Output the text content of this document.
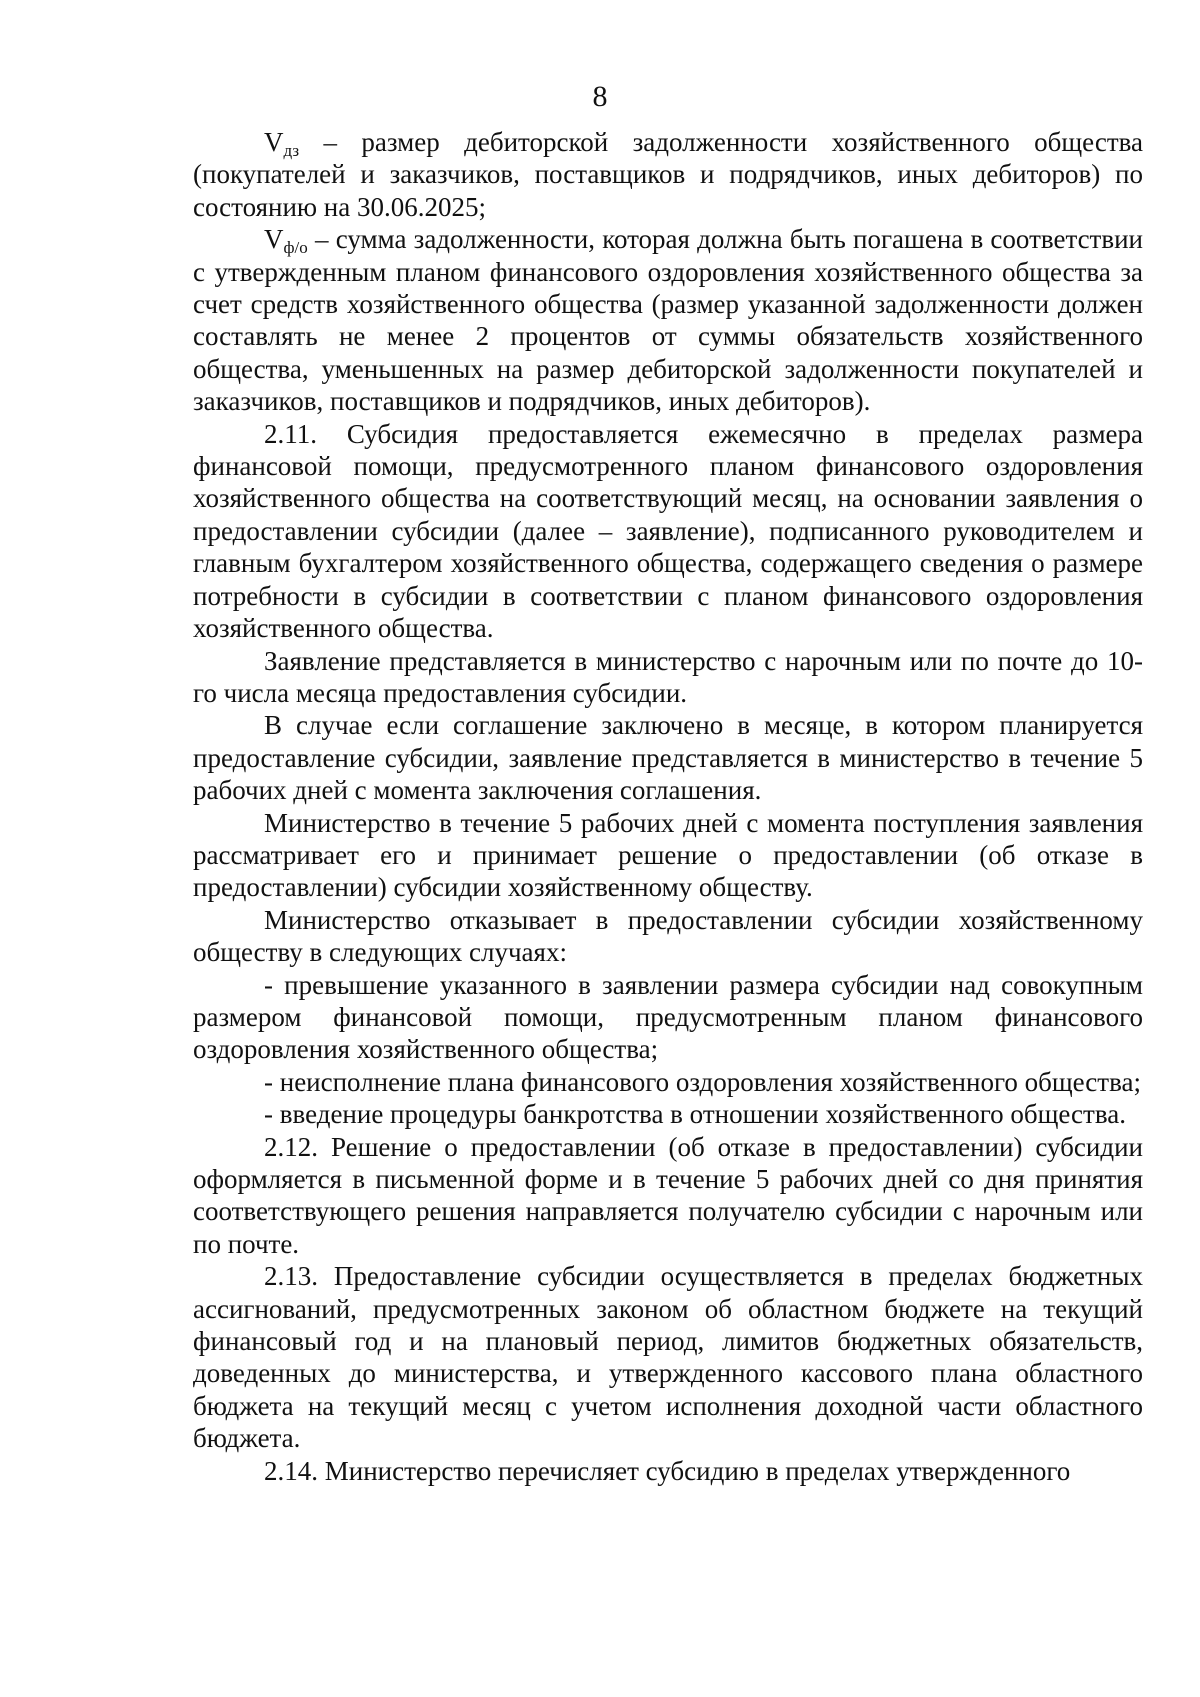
8

$V_{дз}$ – размер дебиторской задолженности хозяйственного общества (покупателей и заказчиков, поставщиков и подрядчиков, иных дебиторов) по состоянию на 30.06.2025;

$V_{ф/о}$ – сумма задолженности, которая должна быть погашена в соответствии с утвержденным планом финансового оздоровления хозяйственного общества за счет средств хозяйственного общества (размер указанной задолженности должен составлять не менее 2 процентов от суммы обязательств хозяйственного общества, уменьшенных на размер дебиторской задолженности покупателей и заказчиков, поставщиков и подрядчиков, иных дебиторов).

2.11. Субсидия предоставляется ежемесячно в пределах размера финансовой помощи, предусмотренного планом финансового оздоровления хозяйственного общества на соответствующий месяц, на основании заявления о предоставлении субсидии (далее – заявление), подписанного руководителем и главным бухгалтером хозяйственного общества, содержащего сведения о размере потребности в субсидии в соответствии с планом финансового оздоровления хозяйственного общества.

Заявление представляется в министерство с нарочным или по почте до 10-го числа месяца предоставления субсидии.

В случае если соглашение заключено в месяце, в котором планируется предоставление субсидии, заявление представляется в министерство в течение 5 рабочих дней с момента заключения соглашения.

Министерство в течение 5 рабочих дней с момента поступления заявления рассматривает его и принимает решение о предоставлении (об отказе в предоставлении) субсидии хозяйственному обществу.

Министерство отказывает в предоставлении субсидии хозяйственному обществу в следующих случаях:

- превышение указанного в заявлении размера субсидии над совокупным размером финансовой помощи, предусмотренным планом финансового оздоровления хозяйственного общества;

- неисполнение плана финансового оздоровления хозяйственного общества;

- введение процедуры банкротства в отношении хозяйственного общества.

2.12. Решение о предоставлении (об отказе в предоставлении) субсидии оформляется в письменной форме и в течение 5 рабочих дней со дня принятия соответствующего решения направляется получателю субсидии с нарочным или по почте.

2.13. Предоставление субсидии осуществляется в пределах бюджетных ассигнований, предусмотренных законом об областном бюджете на текущий финансовый год и на плановый период, лимитов бюджетных обязательств, доведенных до министерства, и утвержденного кассового плана областного бюджета на текущий месяц с учетом исполнения доходной части областного бюджета.

2.14. Министерство перечисляет субсидию в пределах утвержденного
